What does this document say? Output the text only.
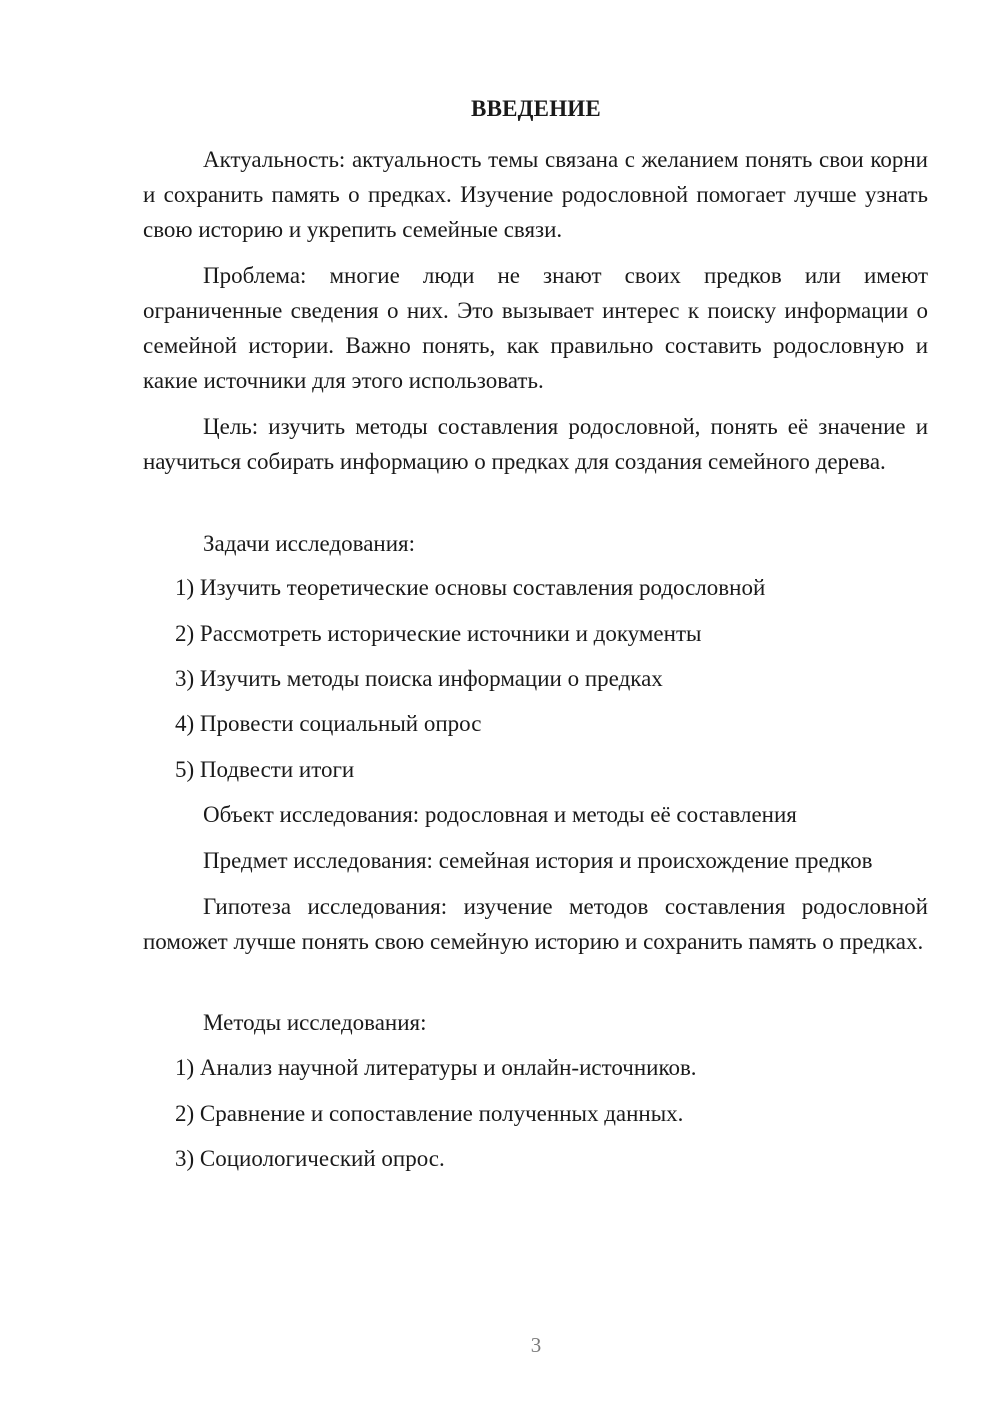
ВВЕДЕНИЕ
Актуальность: актуальность темы связана с желанием понять свои корни и сохранить память о предках. Изучение родословной помогает лучше узнать свою историю и укрепить семейные связи.
Проблема: многие люди не знают своих предков или имеют ограниченные сведения о них. Это вызывает интерес к поиску информации о семейной истории. Важно понять, как правильно составить родословную и какие источники для этого использовать.
Цель: изучить методы составления родословной, понять её значение и научиться собирать информацию о предках для создания семейного дерева.
Задачи исследования:
1) Изучить теоретические основы составления родословной
2) Рассмотреть исторические источники и документы
3) Изучить методы поиска информации о предках
4) Провести социальный опрос
5) Подвести итоги
Объект исследования: родословная и методы её составления
Предмет исследования: семейная история и происхождение предков
Гипотеза исследования: изучение методов составления родословной поможет лучше понять свою семейную историю и сохранить память о предках.
Методы исследования:
1) Анализ научной литературы и онлайн-источников.
2) Сравнение и сопоставление полученных данных.
3) Социологический опрос.
3
